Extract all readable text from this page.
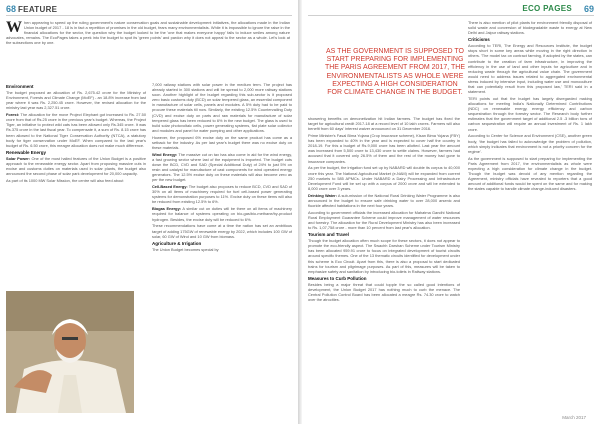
68 FEATURE
W hen appearing to speed up the ruling government's nature conservation goals and sustainable development initiatives, the allocations made in the Indian Union budget of 2017 - 18 is in fact a repetition of promises in the old budget, fears many environmentalists. While it is impossible to ignore the raise in the financial allocations for the sector, the question why the budget looked to be the 'one that makes everyone happy' fails to induce smiles among nature advocates, remains. The EcoPages takes a peek into the budget to spot its 'green points' and pardon why it does not appeal to the sector as a whole. Let's look at the subsections one by one.
Environment

The budget proposed an allocation of Rs. 2,675.42 crore for the Ministry of Environment, Forests and Climate Change (MoEF) - an 18.8% increase from last year where it was Rs. 2,250.45 crore. However, the revised allocation for the ministry last year was 2,327.51 crore.

Forest: The allocation for the move Project Elephant got increased to Rs. 27.50 crore from that of Rs.25 crore in the previous year's budget. Whereas, the Project Tiger, an initiative to protect wild cats has been allowed only Rs.345 crore. It was Rs.375 crore in the last fiscal year. To compensate it, a sum of Rs. 8.15 crore has been allowed to the National Tiger Conservation Authority (NTCA), a statutory body for tiger conservation under MoEF. When compared to the last year's budget of Rs. 6.50 crore, this meagre allocation does not make much difference.

Renewable Energy

Solar Power: One of the most hailed features of the Union Budget is a positive approach to the renewable energy sector. Apart from proposing massive cuts in excise and customs duties on materials used in solar plants, the budget also announced the second phase of solar park development for 20,000 capacity.

As part of its 1000 MW Solar Mission, the centre will also feed about

7,000 railway stations with solar power in the medium term. The project has already started in 300 stations and will be spread to 2,000 more railway stations soon. Another highlight of the budget regarding this sub-sector is it proposed zero basic customs duty (BCD) on solar tempered glass, an essential component in manufacture of solar cells, panels and modules. A 5% duty had to be paid to procure these materials till now. Similarly, the existing 12.5% Countervailing Duty (CVD) and excise duty on parts and raw materials for manufacture of solar tempered glass has been reduced to 6% in the new budget. The glass is used to build solar photovoltaic cells, power generating systems, flat plate solar collector and modules and panel for water pumping and other applications.

However, the proposed 6% excise duty on the same product has come as a setback for the industry. As per last year's budget there was no excise duty on these materials.

Wind Energy: The massive cut on tax has also come in aid for the wind energy, a fast growing sector where last of the equipment is imported. The budget cuts down the BCD, CVD and SAD (Special Additional Duty) of 24% to just 5% on resin and catalyst for manufacture of cast components for wind operated energy generators. The 12.5% excise duty on these materials will also become zero as per the new budget.

Cell-Based Energy: The budget also proposes to reduce BCD, CVD and SAD of 30% on all items of machinery required for fuel cell-based power generating systems for demonstration purposes to 11%. Excise duty on these items will also be reduced from existing 12.5% to 6%.

Biogas Energy: A similar cut on duties will be there on all items of machinery required for balance of systems operating on bio-gas/bio-methane/by-product hydrogen. Besides, the excise duty will be reduced to 6%.

These recommendations have come at a time the nation has set an ambitious target of adding 175GW of renewable energy by 2022, which includes 100 GW of solar, 60 GW of Wind and 10 GW from biomass.

Agriculture & Irrigation

The Union Budget becomes special by

ECO PAGES 69
AS THE GOVERNMENT IS SUPPOSED TO START PREPARING FOR IMPLEMENTING THE PARIS AGREEMENT FROM 2017, THE ENVIRONMENTALISTS AS WHOLE WERE EXPECTING A HIGH CONSIDERATION FOR CLIMATE CHANGE IN THE BUDGET.

showering benefits on demonetization hit Indian farmers. The budget has fixed the target for agricultural credit 2017-18 at a record level of 10 lakh crores. Farmers will also benefit from 60 days' interest waiver announced on 31 December 2016.

Prime Minister's Fasal Bima Yojana (Crop insurance scheme), Kisan Bima Yojana (FBY) has been expanded to 40% in the year and is expected to cover half the country in 2018-19. For this a budget of Rs.9,000 crore has been allotted. Last year the amount was increased from 5,500 crore to 13,430 crore to settle claims. However, farmers had accused that it covered only 26.5% of them and the rest of the money had gone to insurance companies.

As per the budget, the irrigation fund set up by NABARD will double its corpus to 40,000 crore this year. The National Agricultural Market (e-NAM) will be expanded from current 250 markets to 585 APMCs. Under NABARD a Dairy Processing and Infrastructure Development Fund will be set up with a corpus of 2000 crore and will be extended to 8,000 crore over 3 years.

Drinking Water: A sub-mission of the National Rural Drinking Water Programme is also announced in the budget to ensure safe drinking water to over 28,000 arsenic and fluoride affected habitations in the next four years.

According to government officials the increased allocation for Mahatma Gandhi National Rural Employment Guarantee Scheme could improve management of water resources and forestry. The allocation for the Rural Development Ministry has also been increased to Rs. 1,07,758 crore - more than 10 percent from last year's allocation.

Tourism and Travel

Though the budget allocation often much scope for these sectors, it does not appear to promote the eco-friendly aspect. The Swachh Darshan Scheme under Tourism Ministry has been allocated 959.91 crore to focus on integrated development of tourist circuits around specific themes. One of the 13 thematic circuits identified for development under this scheme is Eco Circuit. Apart from this, there is also a proposal to start dedicated trains for tourism and pilgrimage purposes. As part of this, measures will be taken to emphasize safety and sanitation by introducing bio-toilets in Railway stations.

Measures to Curb Pollution

Besides being a major threat that could topple the so called good intentions of development, the Union Budget 2017 has nothing much to curb the menace. The Central Pollution Control Board has been allocated a meagre Rs. 74.30 crore to watch over the atrocities.

There is also mention of pilot plants for environment friendly disposal of solid waste and conversion of biodegradable waste to energy at New Delhi and Jaipur railway stations.

Criticisms

According to TERI, The Energy and Resources Institute, the budget stops short in some key areas while moving in the right direction in others. 'The model tax on contract farming, if adopted by the states, can contribute to the creation of farm infrastructure, in improving the efficiency in the use of land and other inputs for agriculture and in reducing waste through the agricultural value chain. The government would need to address issues related to aggregated environmental stress induced by intensive input, including water use and monoculture that can potentially result from this proposed law,' TERI said in a statement.

TERI points out that the budget has largely disregarded making allocations for meeting India's Nationally Determined Contributions (NDC) on renewable energy, energy efficiency and carbon sequestration through the forestry sector. The Research body further estimates that the government target of additional 2.5 -3 billion tons of carbon sequestration will require an annual investment of Rs. 1 lakh crore.

According to Center for Science and Environment (CSE), another green body, 'the budget has failed to acknowledge the problem of pollution, which simply indicates that environment is not a priority concern for the regime'.

As the government is supposed to start preparing for implementing the Paris Agreement from 2017, the environmentalists as whole were expecting a high consideration for climate change in the budget. Though the budget was devoid of any mention regarding the Agreement, ministry officials have revealed to reporters that a good amount of additional funds would be spent on the same and for making the states capable to handle climate change-induced disasters.

March 2017
